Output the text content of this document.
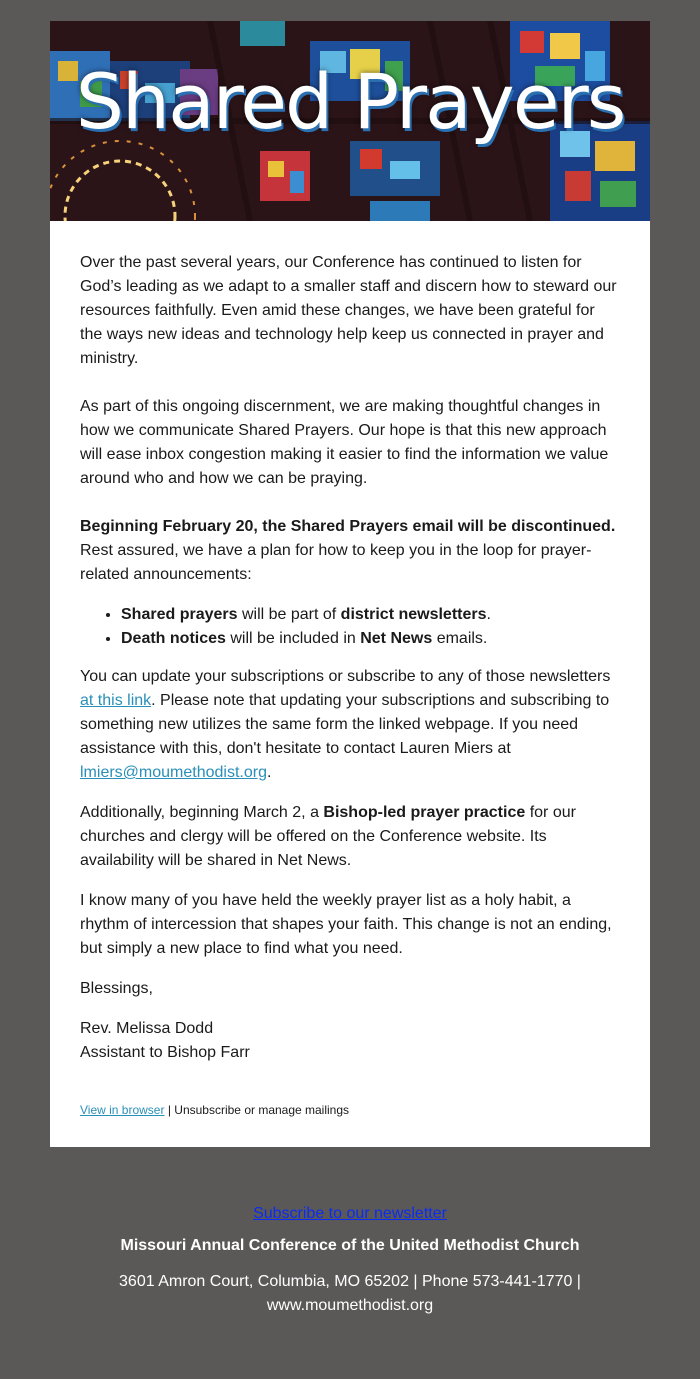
Shared Prayers

Over the past several years, our Conference has continued to listen for God’s leading as we adapt to a smaller staff and discern how to steward our resources faithfully. Even amid these changes, we have been grateful for the ways new ideas and technology help keep us connected in prayer and ministry.

As part of this ongoing discernment, we are making thoughtful changes in how we communicate Shared Prayers. Our hope is that this new approach will ease inbox congestion making it easier to find the information we value around who and how we can be praying.

Beginning February 20, the Shared Prayers email will be discontinued. Rest assured, we have a plan for how to keep you in the loop for prayer-related announcements:

• Shared prayers will be part of district newsletters.
• Death notices will be included in Net News emails.

You can update your subscriptions or subscribe to any of those newsletters at this link. Please note that updating your subscriptions and subscribing to something new utilizes the same form the linked webpage. If you need assistance with this, don't hesitate to contact Lauren Miers at lmiers@moumethodist.org.

Additionally, beginning March 2, a Bishop-led prayer practice for our churches and clergy will be offered on the Conference website. Its availability will be shared in Net News.

I know many of you have held the weekly prayer list as a holy habit, a rhythm of intercession that shapes your faith. This change is not an ending, but simply a new place to find what you need.

Blessings,

Rev. Melissa Dodd
Assistant to Bishop Farr

View in browser | Unsubscribe or manage mailings
Subscribe to our newsletter
Missouri Annual Conference of the United Methodist Church
3601 Amron Court, Columbia, MO 65202 | Phone 573-441-1770 | www.moumethodist.org
